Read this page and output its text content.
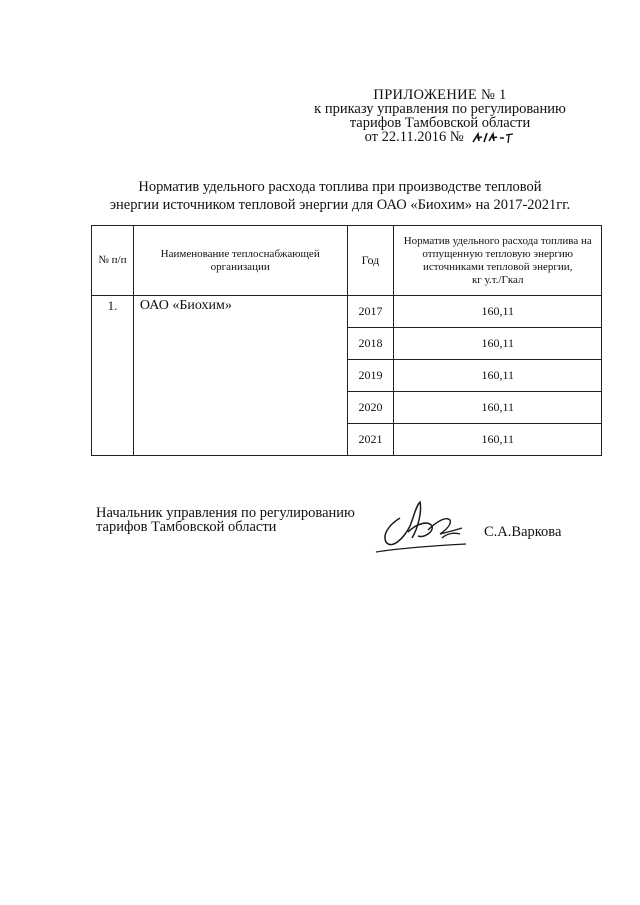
ПРИЛОЖЕНИЕ № 1
к приказу управления по регулированию
тарифов Тамбовской области
от 22.11.2016 №
Норматив удельного расхода топлива при производстве тепловой
энергии источником тепловой энергии для ОАО «Биохим» на 2017-2021гг.
№ п/п	Наименование теплоснабжающей организации	Год	Норматив удельного расхода топлива на отпущенную тепловую энергию источниками тепловой энергии,
кг у.т./Гкал
1.	ОАО «Биохим»	2017	160,11
		2018	160,11
		2019	160,11
		2020	160,11
		2021	160,11
Начальник управления по регулированию
тарифов Тамбовской области	С.А.Варкова
